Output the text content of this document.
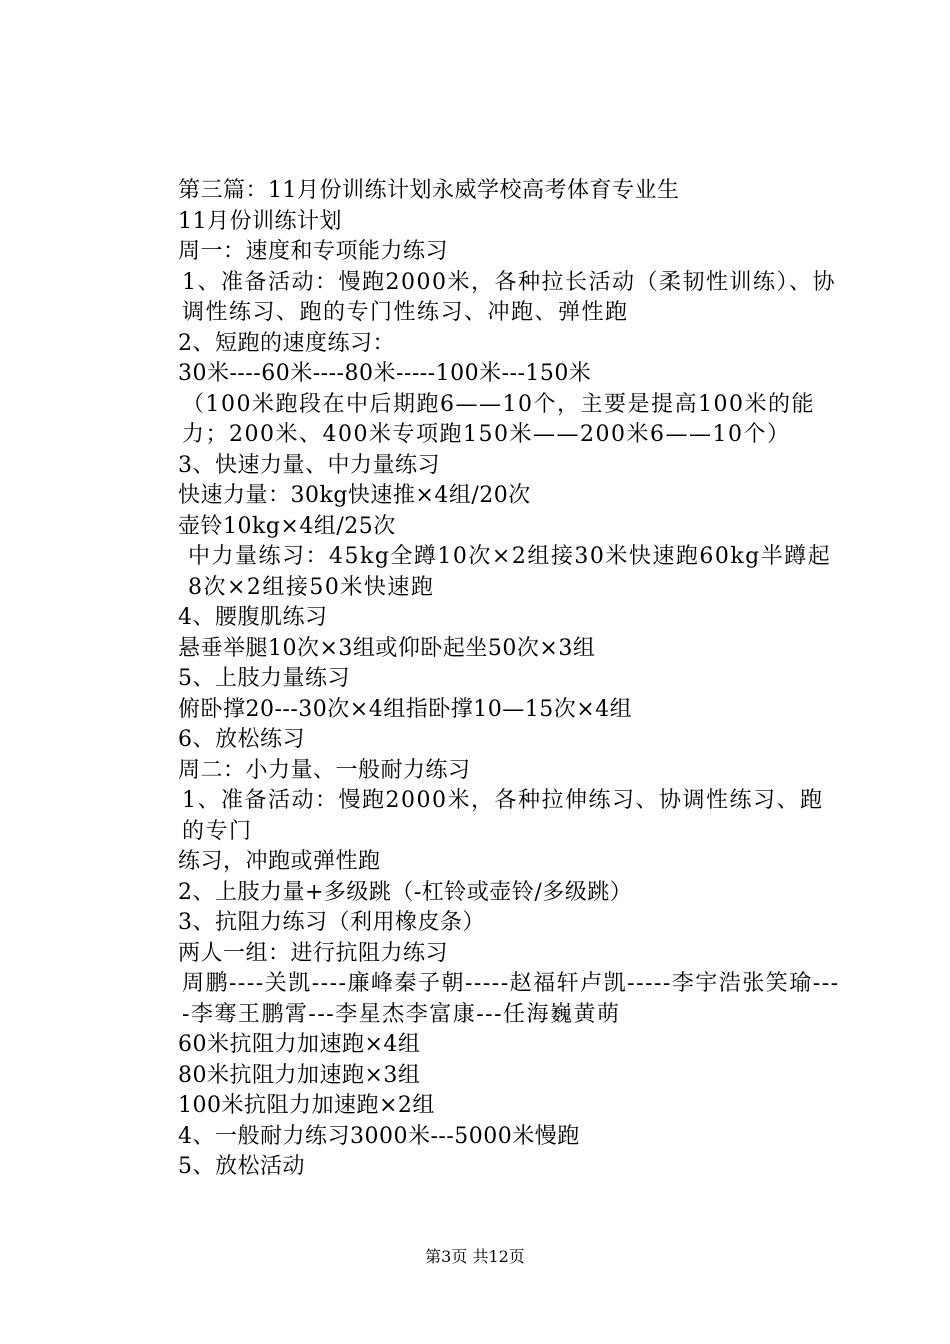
第三篇：11月份训练计划永威学校高考体育专业生
11月份训练计划
周一：速度和专项能力练习
1、准备活动：慢跑2000米，各种拉长活动（柔韧性训练）、协调性练习、跑的专门性练习、冲跑、弹性跑
2、短跑的速度练习：
30米----60米----80米-----100米---150米
（100米跑段在中后期跑6——10个，主要是提高100米的能力；200米、400米专项跑150米——200米6——10个）
3、快速力量、中力量练习
快速力量：30kg快速推×4组/20次
壶铃10kg×4组/25次
中力量练习：45kg全蹲10次×2组接30米快速跑60kg半蹲起8次×2组接50米快速跑
4、腰腹肌练习
悬垂举腿10次×3组或仰卧起坐50次×3组
5、上肢力量练习
俯卧撑20---30次×4组指卧撑10—15次×4组
6、放松练习
周二：小力量、一般耐力练习
1、准备活动：慢跑2000米，各种拉伸练习、协调性练习、跑的专门
练习，冲跑或弹性跑
2、上肢力量+多级跳（-杠铃或壶铃/多级跳）
3、抗阻力练习（利用橡皮条）
两人一组：进行抗阻力练习
周鹏----关凯----廉峰秦子朝-----赵福轩卢凯-----李宇浩张笑瑜----李骞王鹏霄---李星杰李富康---任海巍黄萌
60米抗阻力加速跑×4组
80米抗阻力加速跑×3组
100米抗阻力加速跑×2组
4、一般耐力练习3000米---5000米慢跑
5、放松活动
第3页 共12页
